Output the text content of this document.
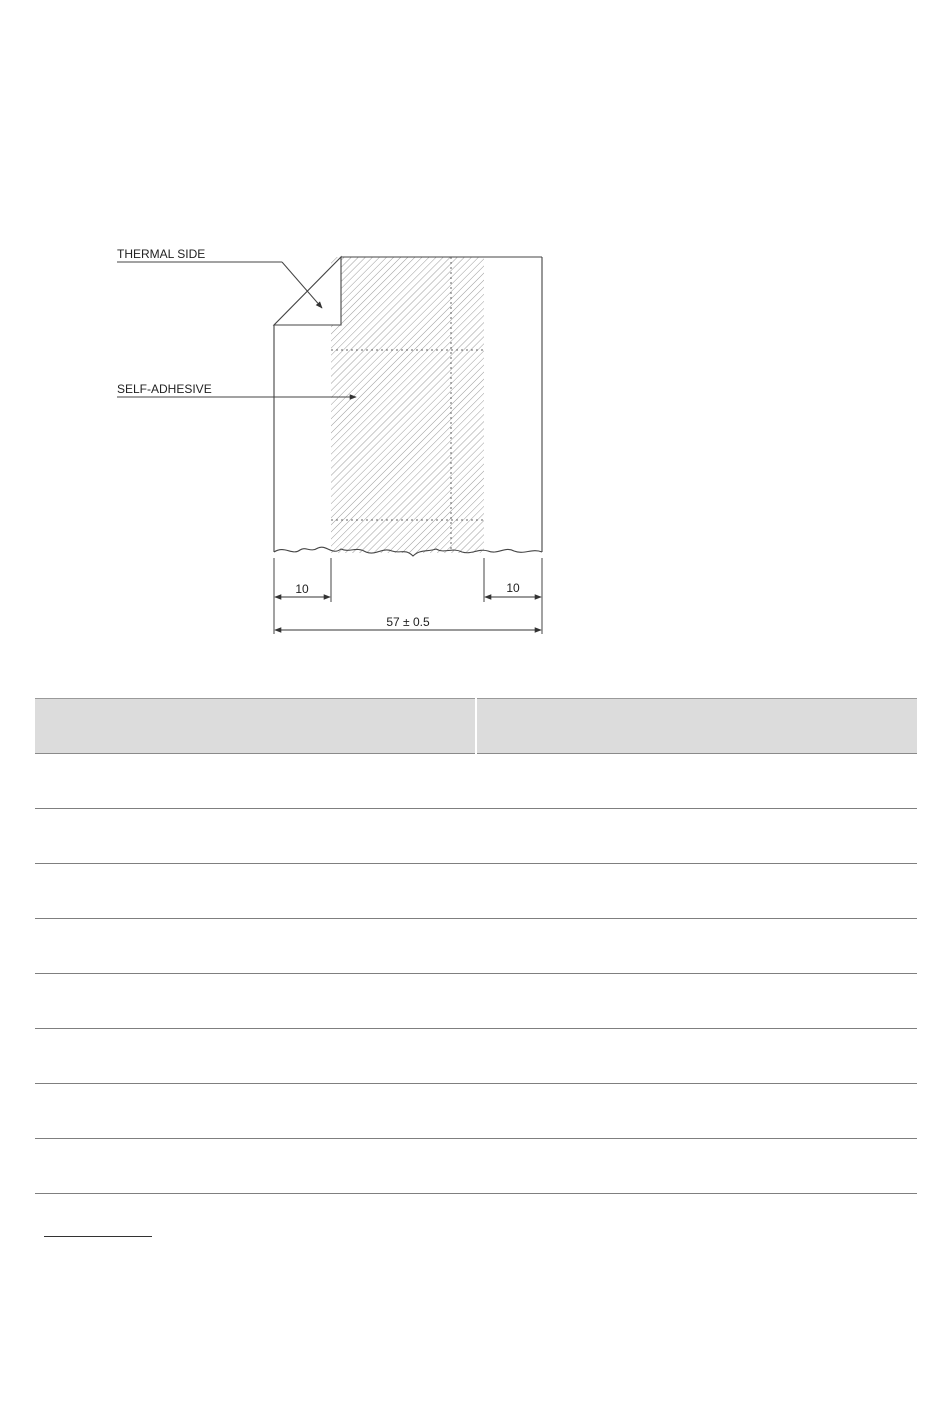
THERMAL SIDE
SELF-ADHESIVE
10	10
57 ± 0.5
